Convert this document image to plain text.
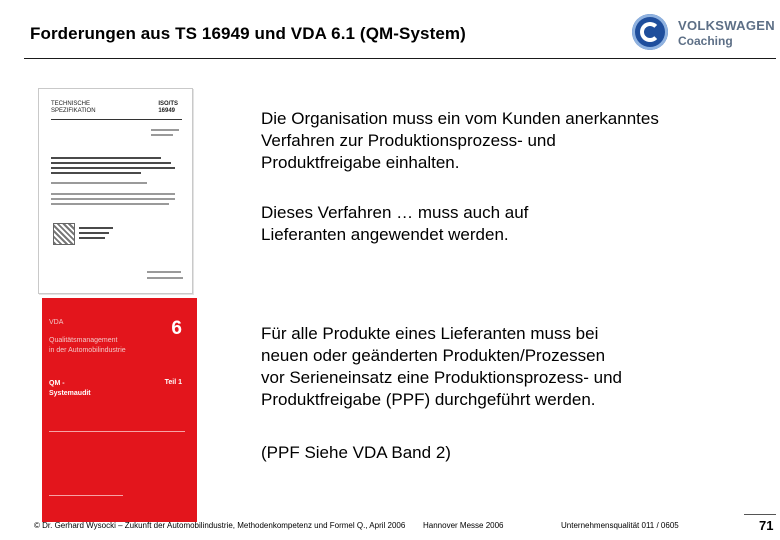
Forderungen aus TS 16949 und VDA 6.1 (QM-System)	VOLKSWAGEN
Coaching
TECHNISCHE
SPEZIFIKATION
ISO/TS
16949
VDA
Qualitätsmanagement
in der Automobilindustrie
6
QM -
Systemaudit
Teil 1
Die Organisation muss ein vom Kunden anerkanntes
Verfahren zur Produktionsprozess- und
Produktfreigabe einhalten.
Dieses Verfahren … muss auch auf
Lieferanten angewendet werden.
Für alle Produkte eines Lieferanten muss bei
neuen oder geänderten Produkten/Prozessen
vor Serieneinsatz eine Produktionsprozess- und
Produktfreigabe (PPF) durchgeführt werden.
(PPF Siehe VDA Band 2)
© Dr. Gerhard Wysocki – Zukunft der Automobilindustrie, Methodenkompetenz und Formel Q., April 2006 Hannover Messe 2006	Unternehmensqualität 011 / 0605	71
